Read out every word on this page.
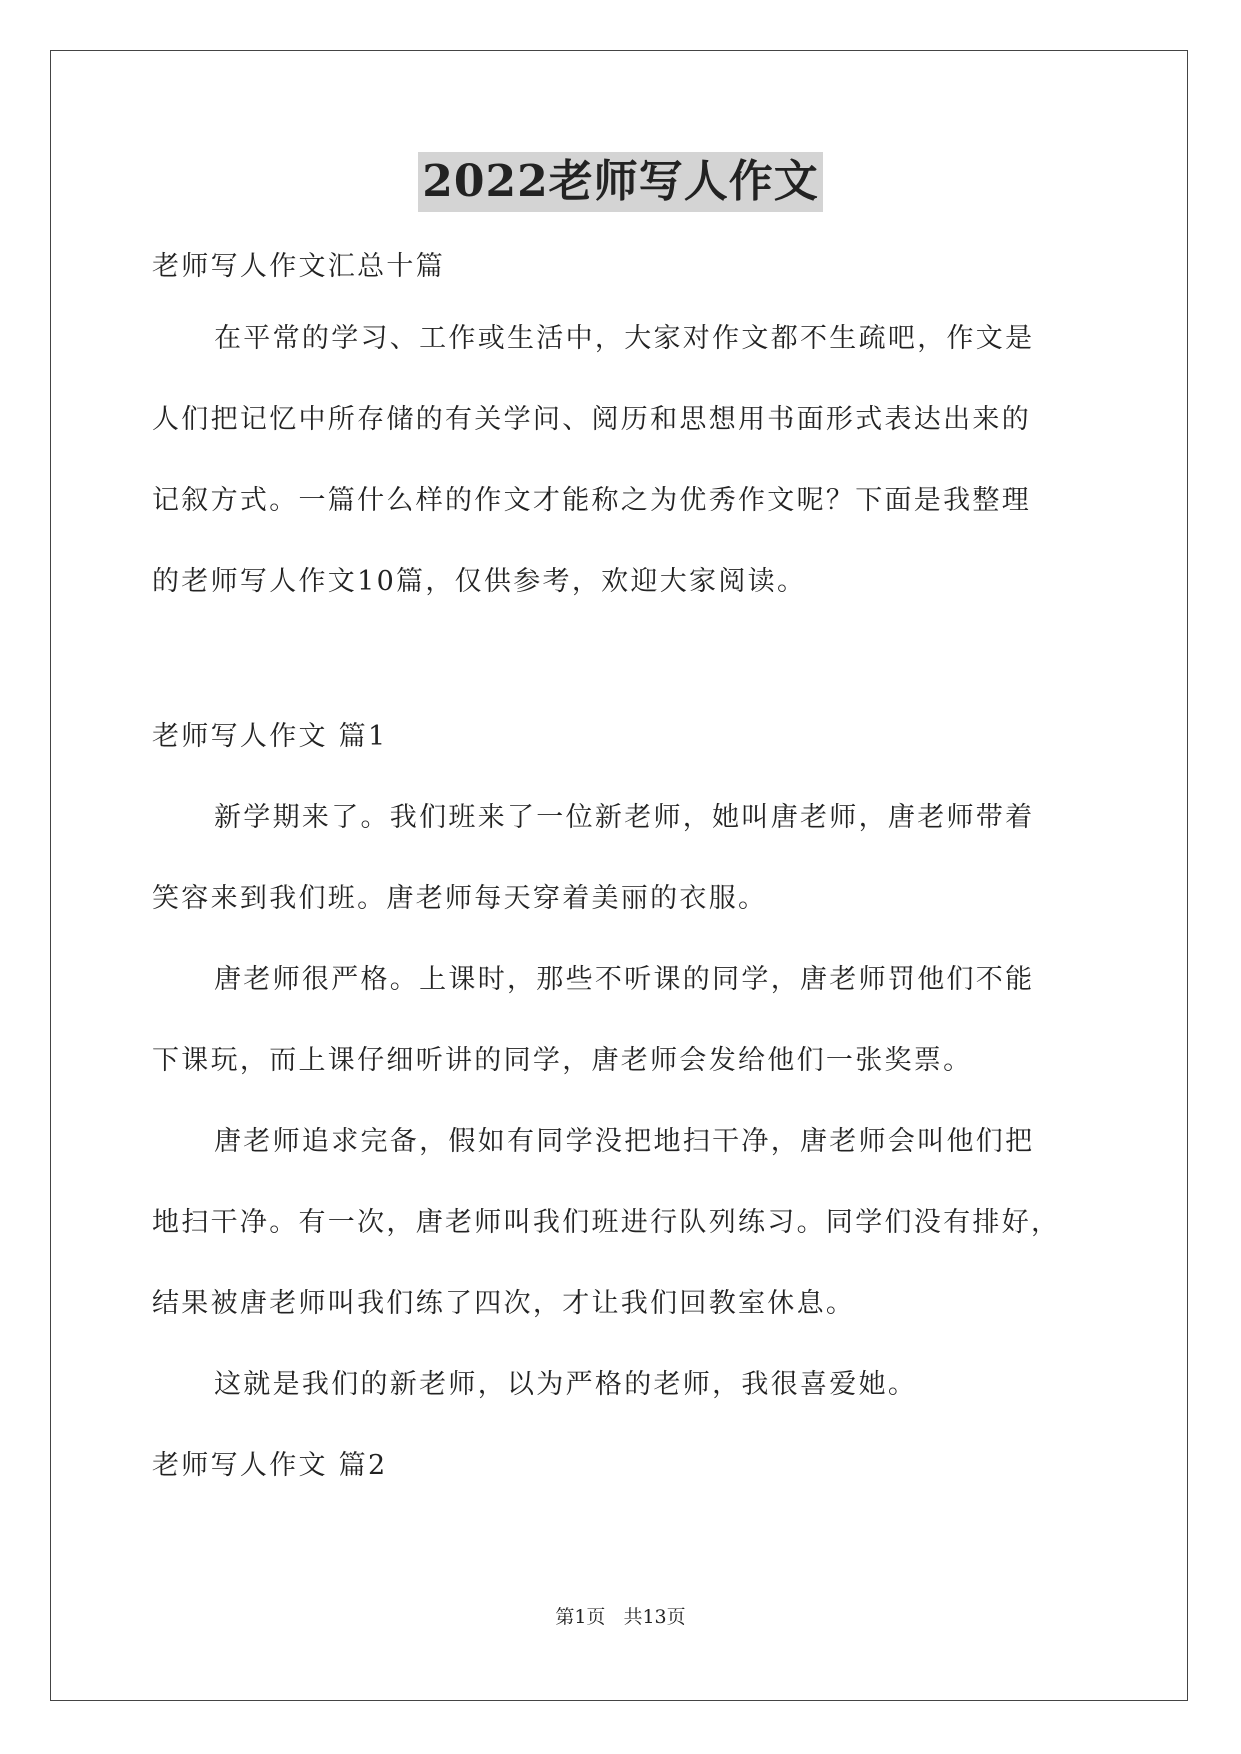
2022老师写人作文
老师写人作文汇总十篇
在平常的学习、工作或生活中，大家对作文都不生疏吧，作文是
人们把记忆中所存储的有关学问、阅历和思想用书面形式表达出来的
记叙方式。一篇什么样的作文才能称之为优秀作文呢？下面是我整理
的老师写人作文10篇，仅供参考，欢迎大家阅读。
老师写人作文 篇1
新学期来了。我们班来了一位新老师，她叫唐老师，唐老师带着
笑容来到我们班。唐老师每天穿着美丽的衣服。
唐老师很严格。上课时，那些不听课的同学，唐老师罚他们不能
下课玩，而上课仔细听讲的同学，唐老师会发给他们一张奖票。
唐老师追求完备，假如有同学没把地扫干净，唐老师会叫他们把
地扫干净。有一次，唐老师叫我们班进行队列练习。同学们没有排好，
结果被唐老师叫我们练了四次，才让我们回教室休息。
这就是我们的新老师，以为严格的老师，我很喜爱她。
老师写人作文 篇2
第1页 共13页
